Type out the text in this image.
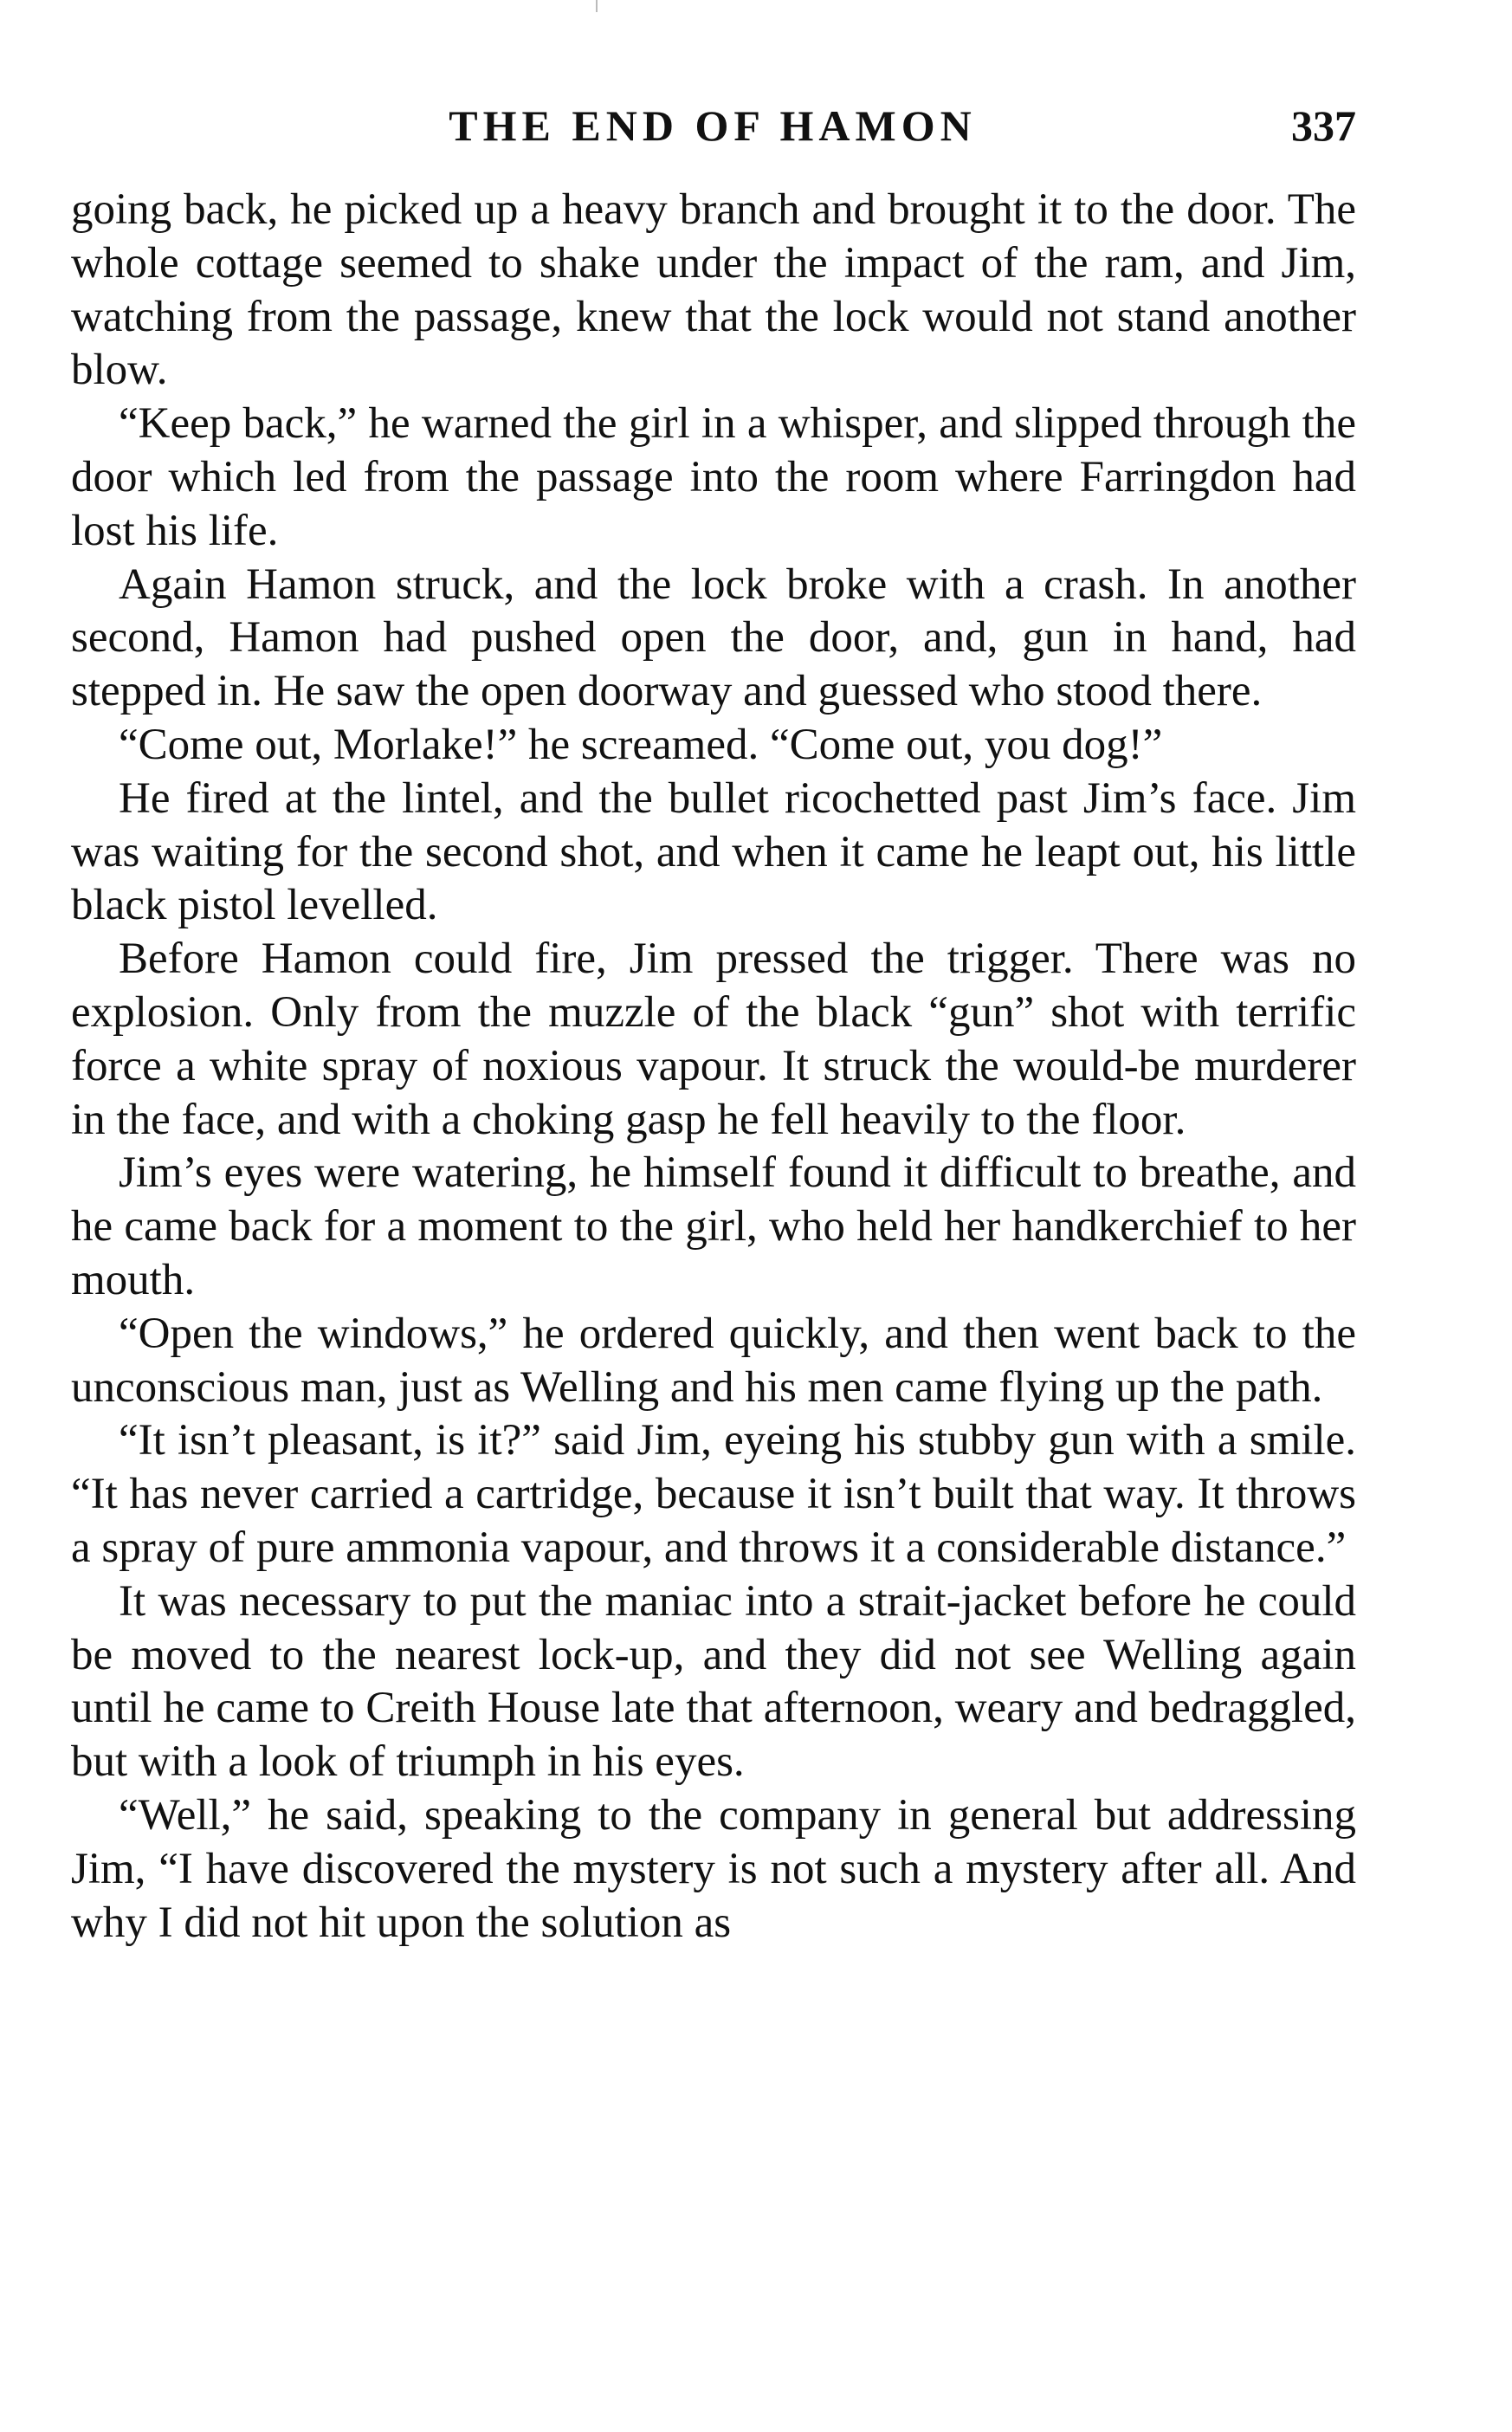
THE END OF HAMON	337

going back, he picked up a heavy branch and brought it to the door. The whole cottage seemed to shake under the impact of the ram, and Jim, watching from the passage, knew that the lock would not stand another blow.

“Keep back,” he warned the girl in a whisper, and slipped through the door which led from the passage into the room where Farringdon had lost his life.

Again Hamon struck, and the lock broke with a crash. In another second, Hamon had pushed open the door, and, gun in hand, had stepped in. He saw the open doorway and guessed who stood there.

“Come out, Morlake!” he screamed. “Come out, you dog!”

He fired at the lintel, and the bullet ricochetted past Jim’s face. Jim was waiting for the second shot, and when it came he leapt out, his little black pistol levelled.

Before Hamon could fire, Jim pressed the trigger. There was no explosion. Only from the muzzle of the black “gun” shot with terrific force a white spray of noxious vapour. It struck the would-be murderer in the face, and with a choking gasp he fell heavily to the floor.

Jim’s eyes were watering, he himself found it difficult to breathe, and he came back for a moment to the girl, who held her handkerchief to her mouth.

“Open the windows,” he ordered quickly, and then went back to the unconscious man, just as Welling and his men came flying up the path.

“It isn’t pleasant, is it?” said Jim, eyeing his stubby gun with a smile. “It has never carried a cartridge, because it isn’t built that way. It throws a spray of pure ammonia vapour, and throws it a considerable distance.”

It was necessary to put the maniac into a strait-jacket before he could be moved to the nearest lock-up, and they did not see Welling again until he came to Creith House late that afternoon, weary and bedraggled, but with a look of triumph in his eyes.

“Well,” he said, speaking to the company in general but addressing Jim, “I have discovered the mystery is not such a mystery after all. And why I did not hit upon the solution as
